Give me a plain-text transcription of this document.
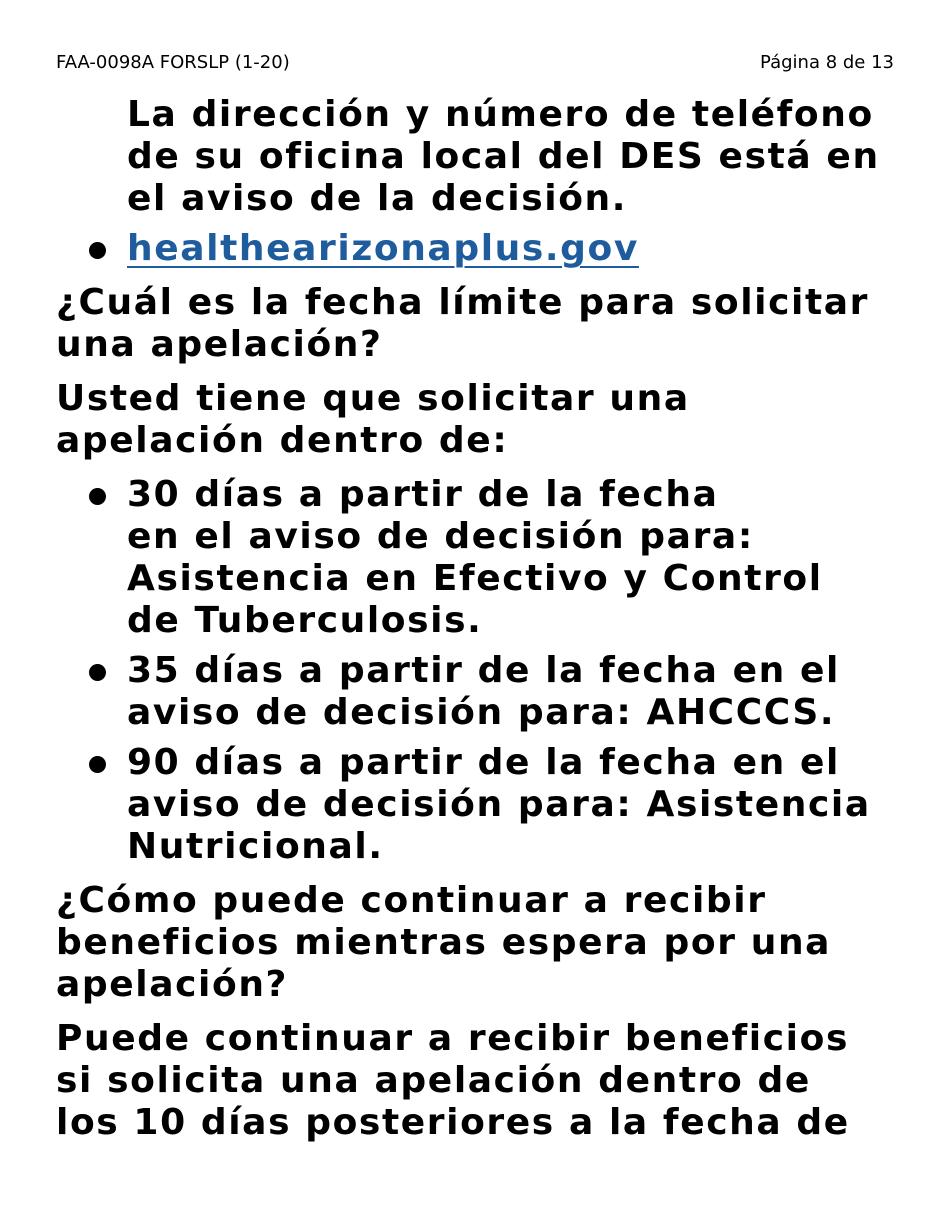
FAA-0098A FORSLP (1-20)	Página 8 de 13
La dirección y número de teléfono
de su oficina local del DES está en
el aviso de la decisión.
healthearizonaplus.gov
¿Cuál es la fecha límite para solicitar
una apelación?
Usted tiene que solicitar una
apelación dentro de:
30 días a partir de la fecha
en el aviso de decisión para:
Asistencia en Efectivo y Control
de Tuberculosis.
35 días a partir de la fecha en el
aviso de decisión para: AHCCCS.
90 días a partir de la fecha en el
aviso de decisión para: Asistencia
Nutricional.
¿Cómo puede continuar a recibir
beneficios mientras espera por una
apelación?
Puede continuar a recibir beneficios
si solicita una apelación dentro de
los 10 días posteriores a la fecha de
